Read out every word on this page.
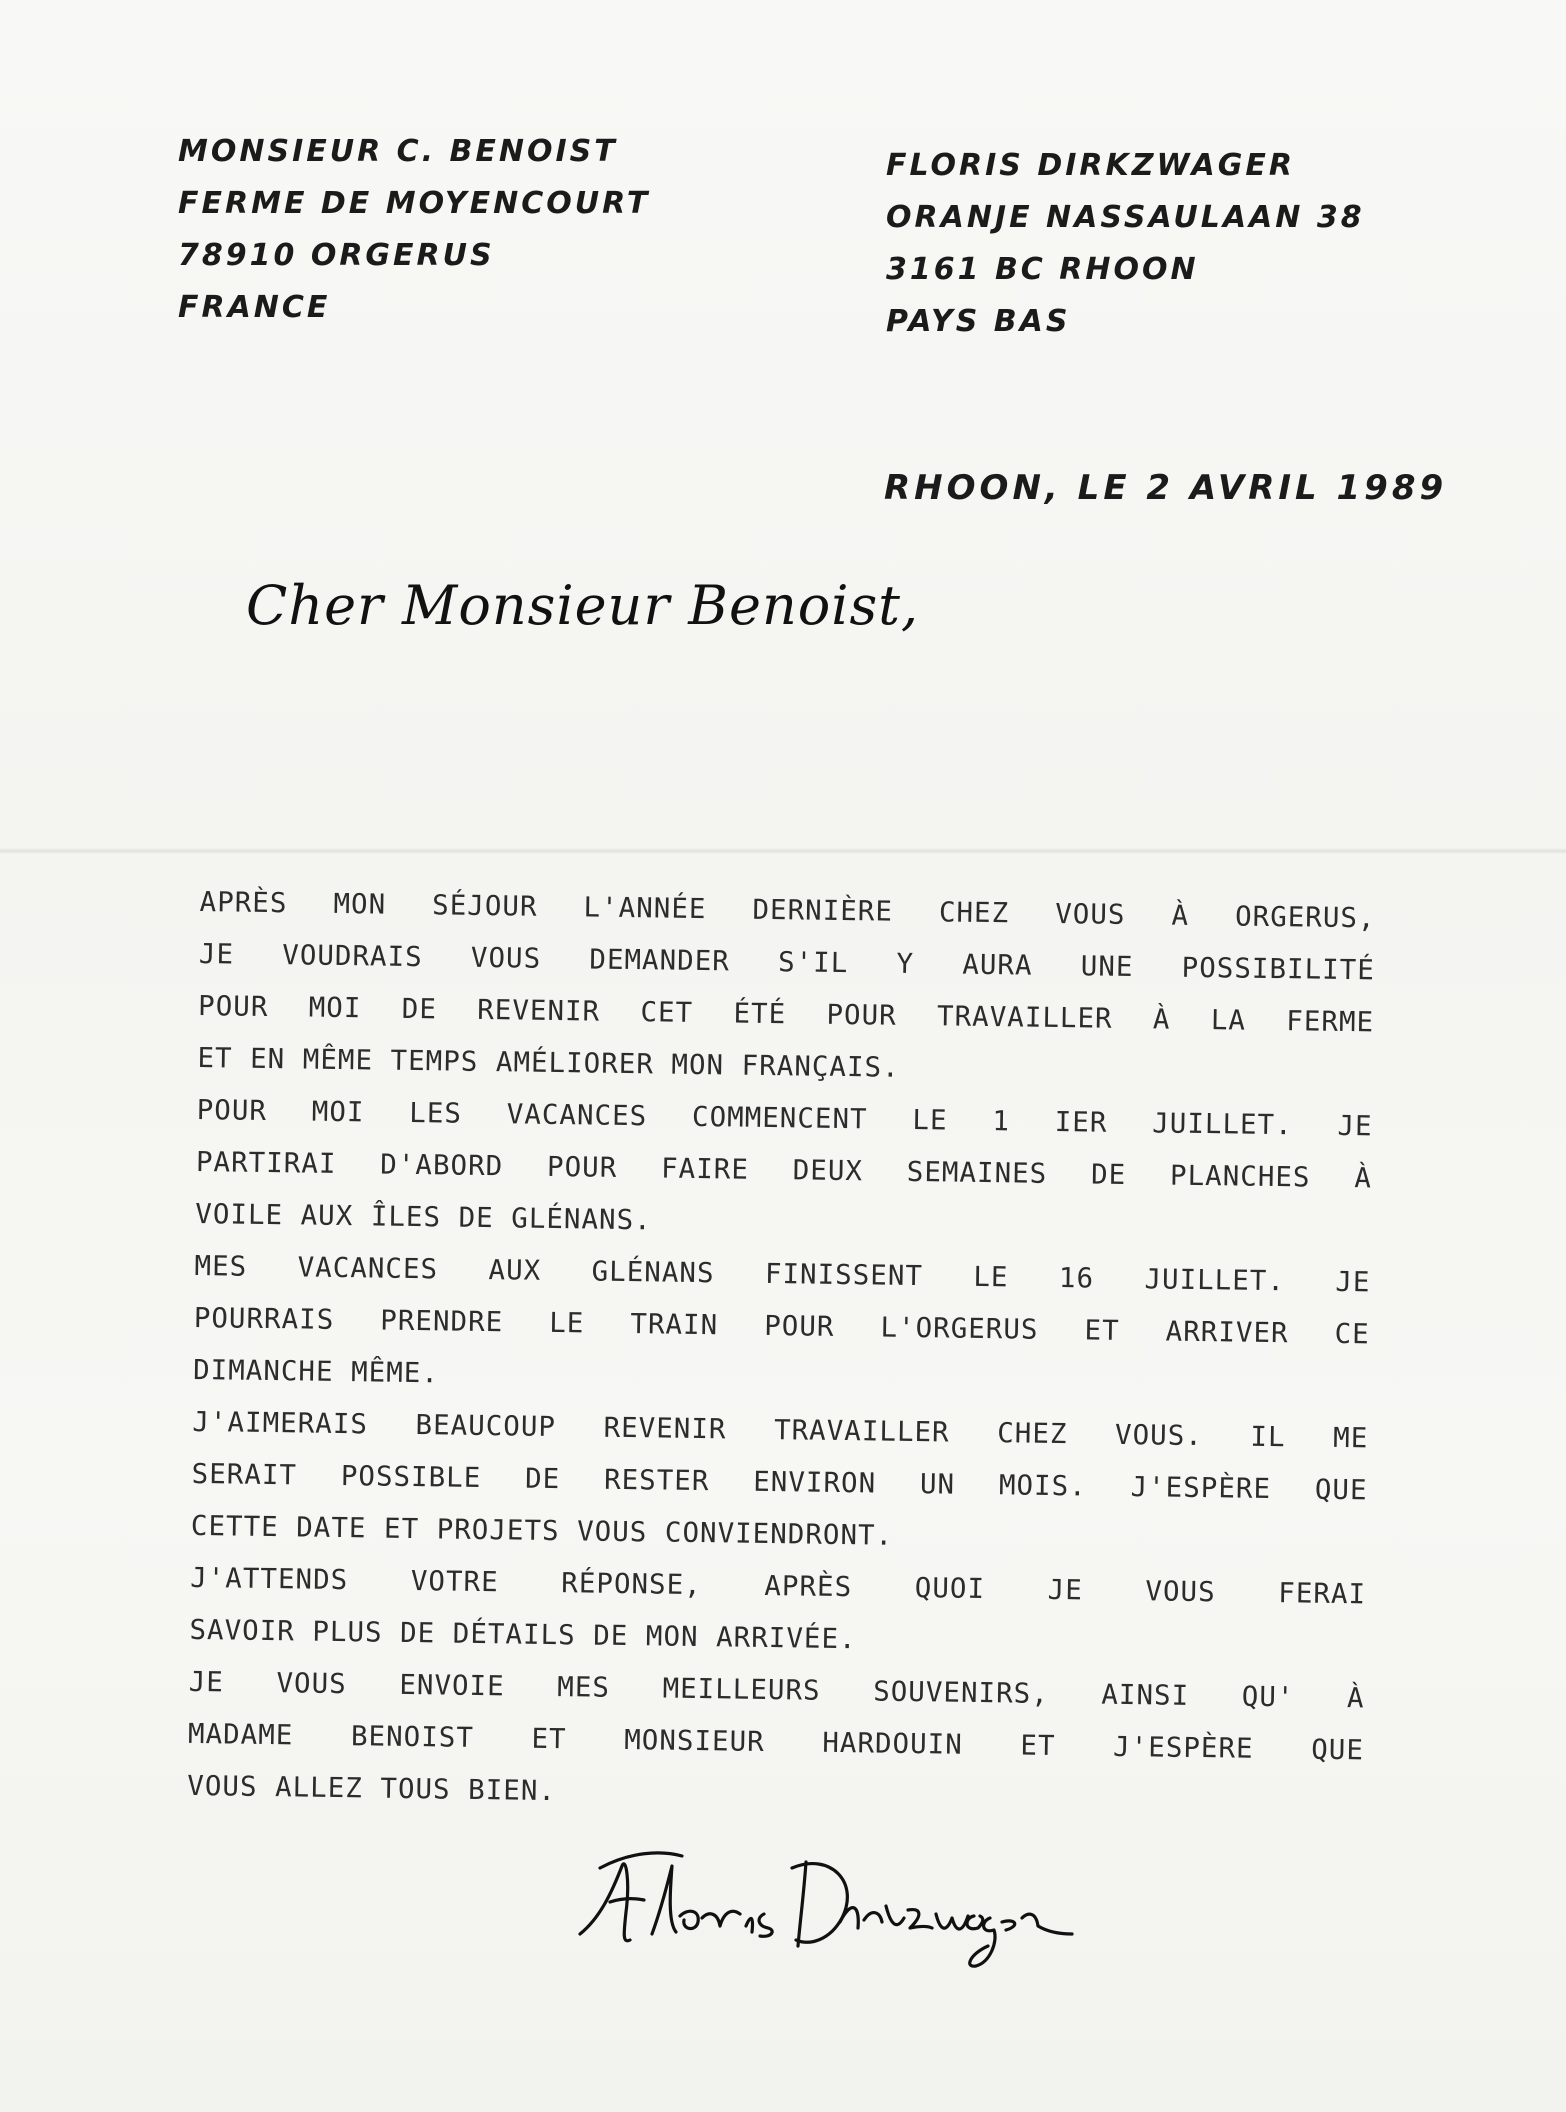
MONSIEUR C. BENOIST
FERME DE MOYENCOURT
78910 ORGERUS
FRANCE
FLORIS DIRKZWAGER
ORANJE NASSAULAAN 38
3161 BC RHOON
PAYS BAS
RHOON, LE 2 AVRIL 1989
Cher Monsieur Benoist,
APRÈS MON SÉJOUR L'ANNÉE DERNIÈRE CHEZ VOUS À ORGERUS,
JE VOUDRAIS VOUS DEMANDER S'IL Y AURA UNE POSSIBILITÉ
POUR MOI DE REVENIR CET ÉTÉ POUR TRAVAILLER À LA FERME
ET EN MÊME TEMPS AMÉLIORER MON FRANÇAIS.
POUR MOI LES VACANCES COMMENCENT LE 1 IER JUILLET. JE
PARTIRAI D'ABORD POUR FAIRE DEUX SEMAINES DE PLANCHES À
VOILE AUX ÎLES DE GLÉNANS.
MES VACANCES AUX GLÉNANS FINISSENT LE 16 JUILLET. JE
POURRAIS PRENDRE LE TRAIN POUR L'ORGERUS ET ARRIVER CE
DIMANCHE MÊME.
J'AIMERAIS BEAUCOUP REVENIR TRAVAILLER CHEZ VOUS. IL ME
SERAIT POSSIBLE DE RESTER ENVIRON UN MOIS. J'ESPÈRE QUE
CETTE DATE ET PROJETS VOUS CONVIENDRONT.
J'ATTENDS VOTRE RÉPONSE, APRÈS QUOI JE VOUS FERAI
SAVOIR PLUS DE DÉTAILS DE MON ARRIVÉE.
JE VOUS ENVOIE MES MEILLEURS SOUVENIRS, AINSI QU' À
MADAME BENOIST ET MONSIEUR HARDOUIN ET J'ESPÈRE QUE
VOUS ALLEZ TOUS BIEN.
